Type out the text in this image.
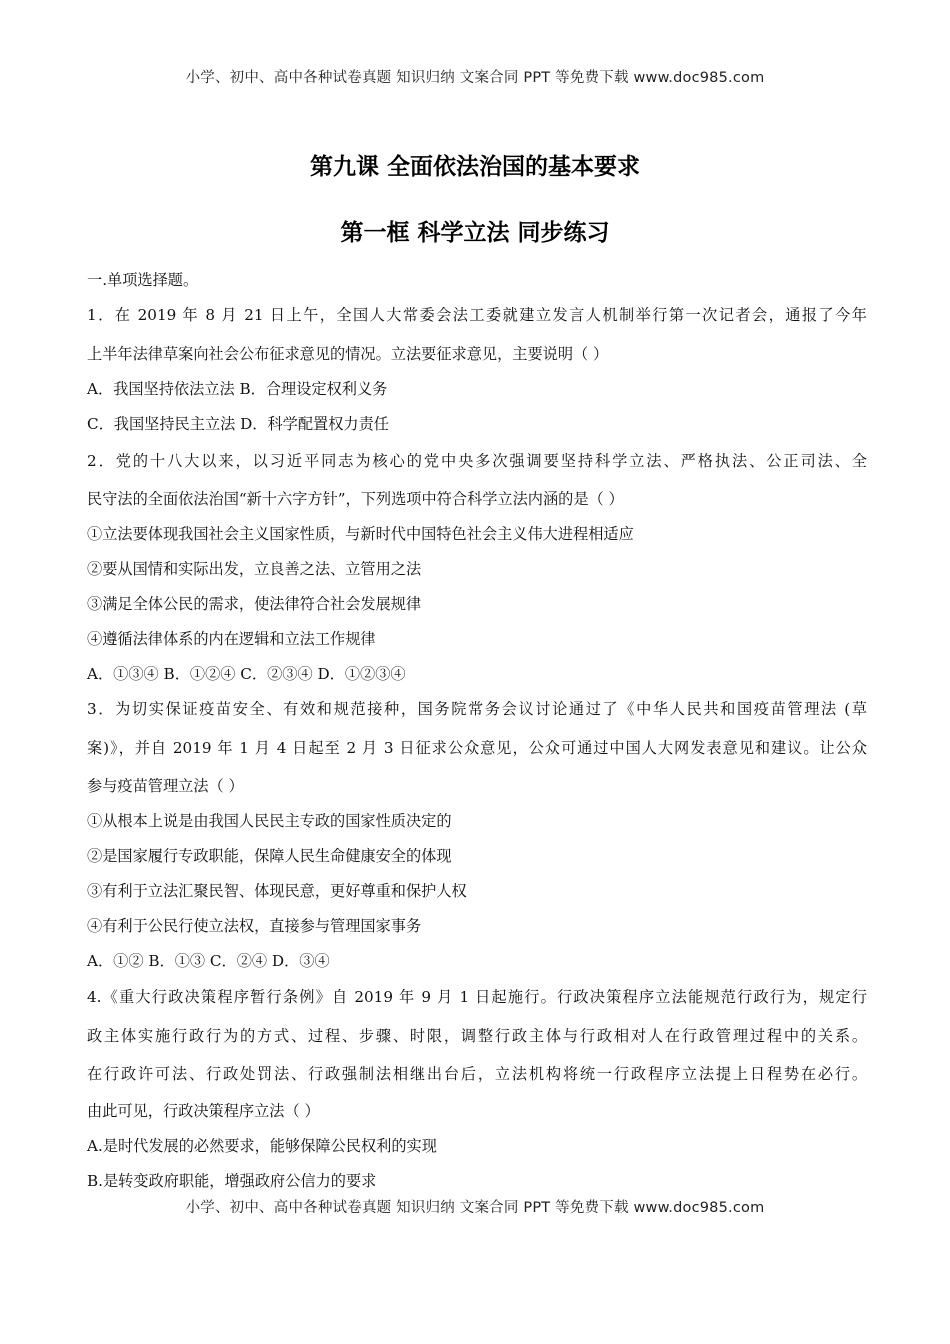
小学、初中、高中各种试卷真题 知识归纳 文案合同 PPT 等免费下载 www.doc985.com
第九课 全面依法治国的基本要求
第一框 科学立法 同步练习
一.单项选择题。
1．在 2019 年 8 月 21 日上午，全国人大常委会法工委就建立发言人机制举行第一次记者会，通报了今年
上半年法律草案向社会公布征求意见的情况。立法要征求意见，主要说明（ ）
A．我国坚持依法立法 B．合理设定权利义务
C．我国坚持民主立法 D．科学配置权力责任
2．党的十八大以来，以习近平同志为核心的党中央多次强调要坚持科学立法、严格执法、公正司法、全
民守法的全面依法治国“新十六字方针”，下列选项中符合科学立法内涵的是（ ）
①立法要体现我国社会主义国家性质，与新时代中国特色社会主义伟大进程相适应
②要从国情和实际出发，立良善之法、立管用之法
③满足全体公民的需求，使法律符合社会发展规律
④遵循法律体系的内在逻辑和立法工作规律
A．①③④ B．①②④ C．②③④ D．①②③④
3．为切实保证疫苗安全、有效和规范接种，国务院常务会议讨论通过了《中华人民共和国疫苗管理法 (草
案)》，并自 2019 年 1 月 4 日起至 2 月 3 日征求公众意见，公众可通过中国人大网发表意见和建议。让公众
参与疫苗管理立法（ ）
①从根本上说是由我国人民民主专政的国家性质决定的
②是国家履行专政职能，保障人民生命健康安全的体现
③有利于立法汇聚民智、体现民意，更好尊重和保护人权
④有利于公民行使立法权，直接参与管理国家事务
A．①② B．①③ C．②④ D．③④
4.《重大行政决策程序暂行条例》自 2019 年 9 月 1 日起施行。行政决策程序立法能规范行政行为，规定行
政主体实施行政行为的方式、过程、步骤、时限，调整行政主体与行政相对人在行政管理过程中的关系。
在行政许可法、行政处罚法、行政强制法相继出台后，立法机构将统一行政程序立法提上日程势在必行。
由此可见，行政决策程序立法（ ）
A.是时代发展的必然要求，能够保障公民权利的实现
B.是转变政府职能，增强政府公信力的要求
小学、初中、高中各种试卷真题 知识归纳 文案合同 PPT 等免费下载 www.doc985.com
